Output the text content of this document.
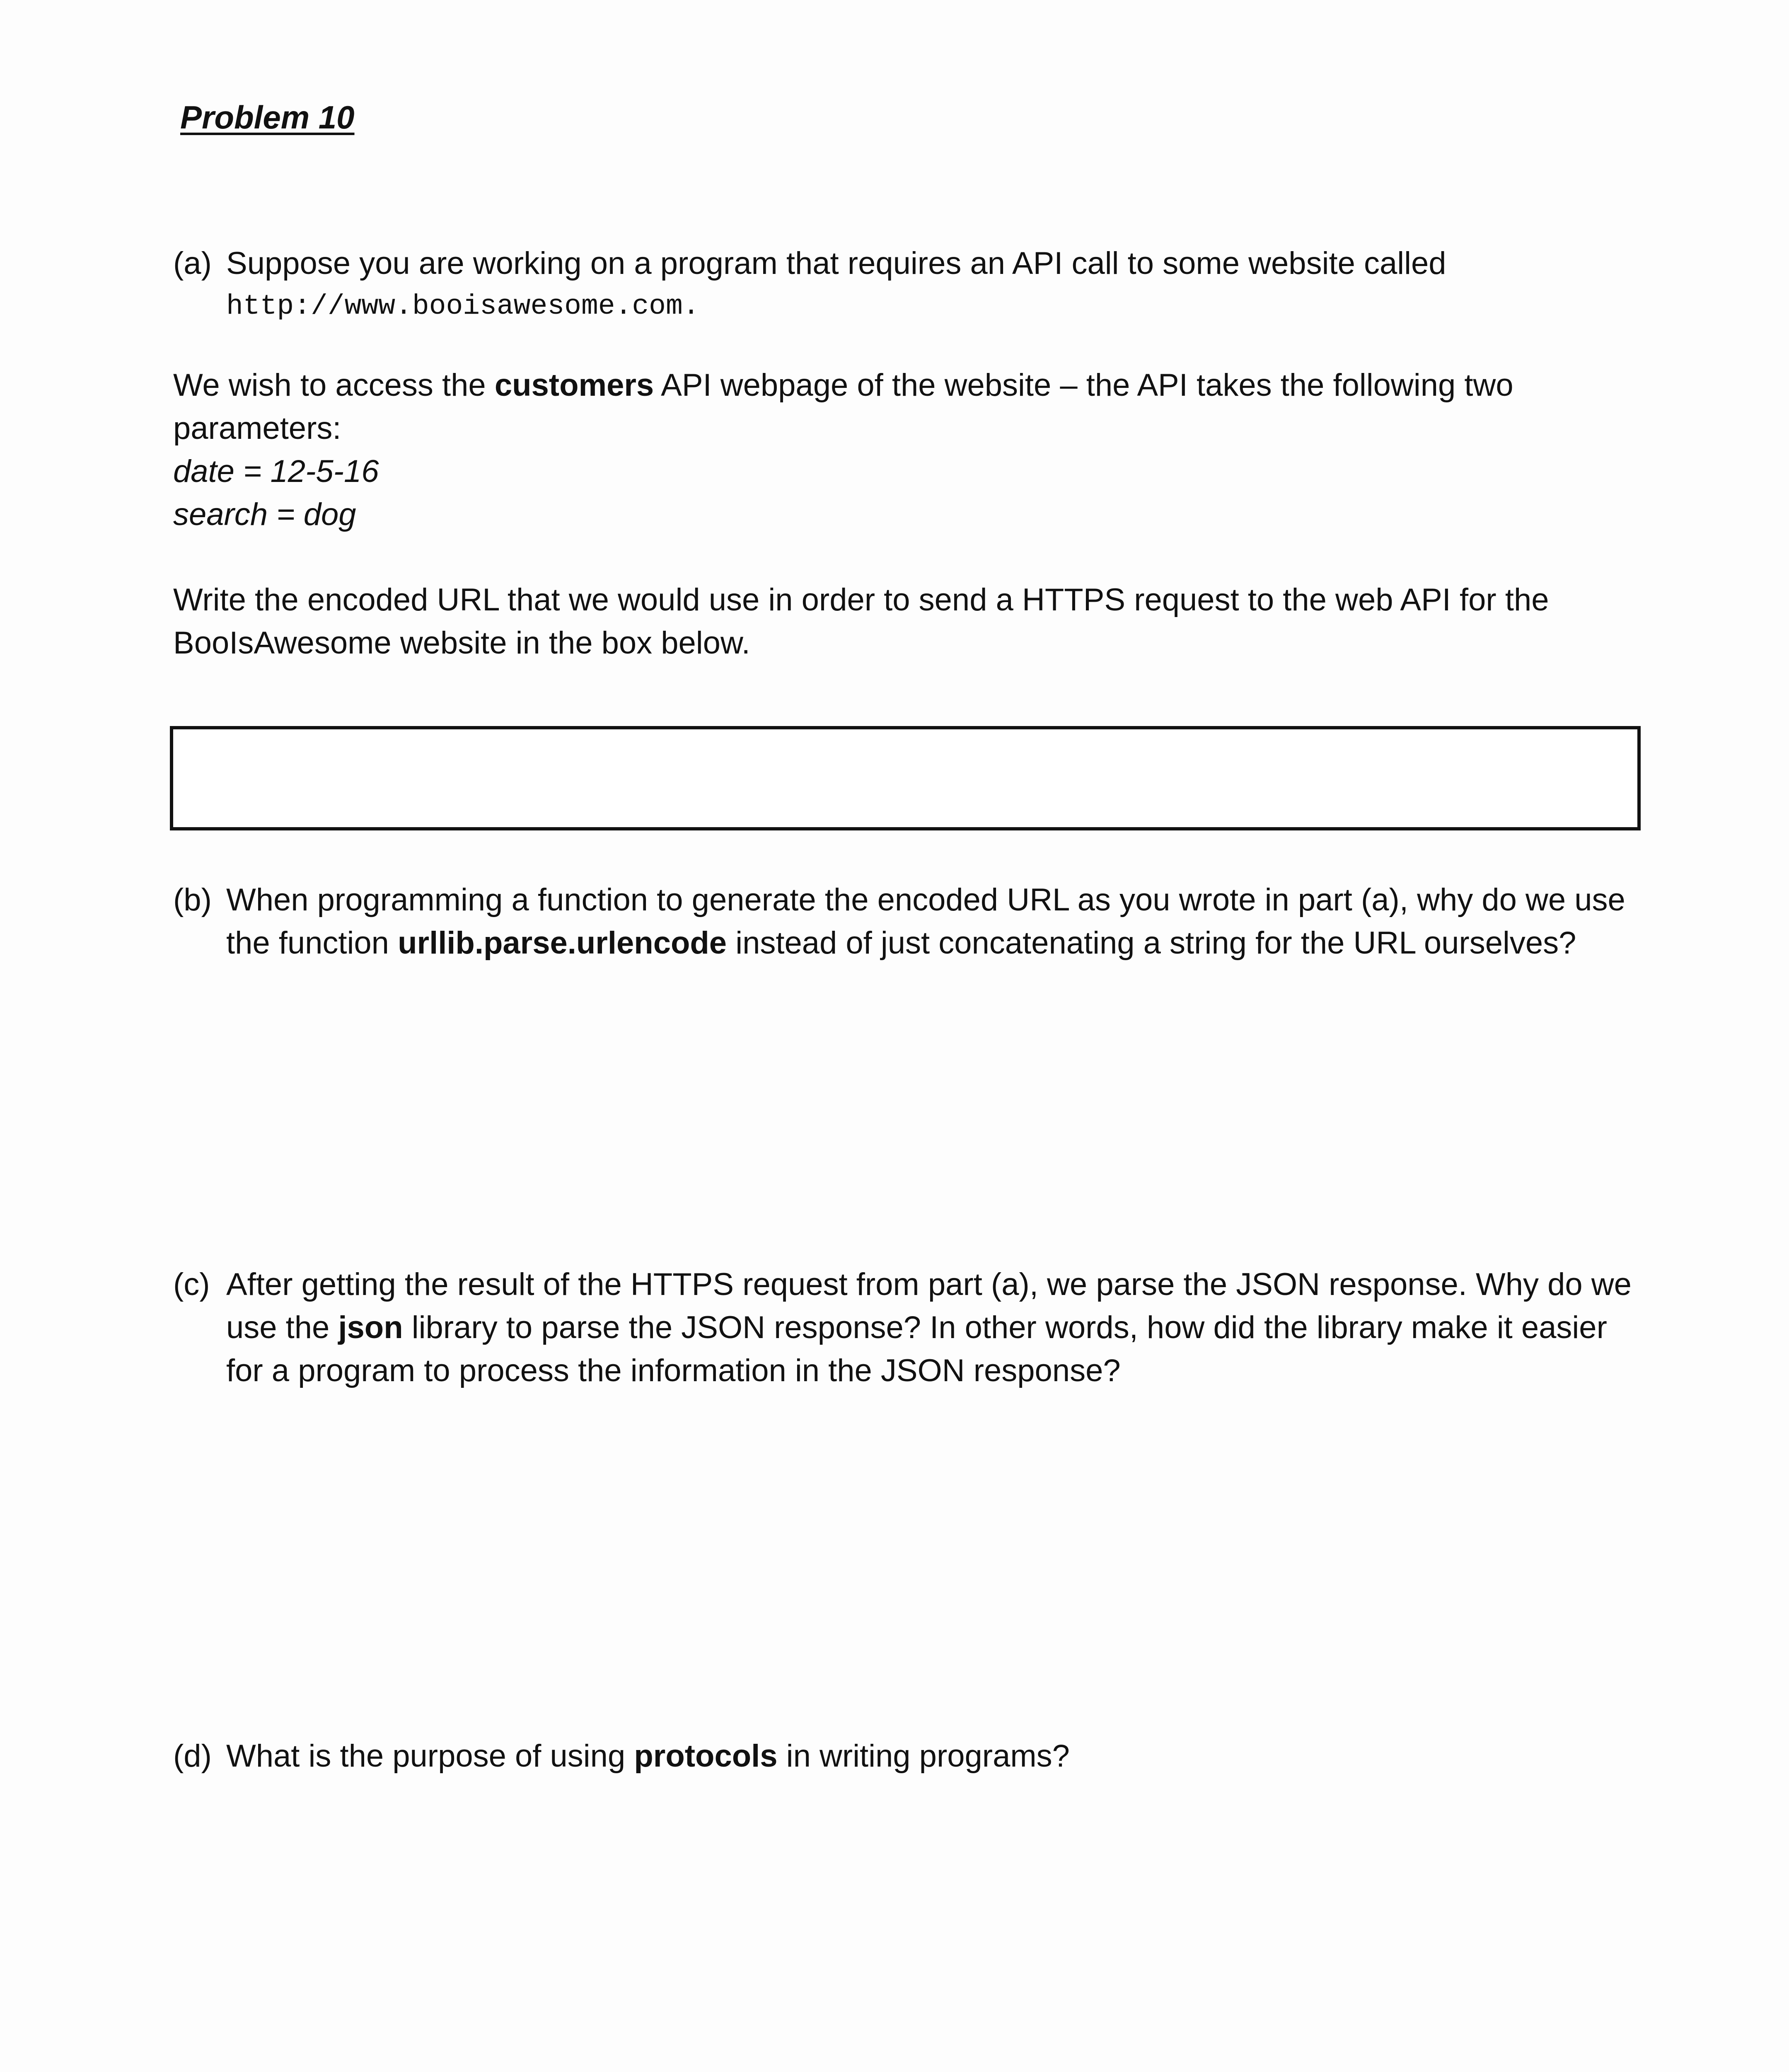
Problem 10
(a) Suppose you are working on a program that requires an API call to some website called
http://www.booisawesome.com.
We wish to access the customers API webpage of the website – the API takes the following two
parameters:
date = 12-5-16
search = dog
Write the encoded URL that we would use in order to send a HTTPS request to the web API for the
BooIsAwesome website in the box below.
(b) When programming a function to generate the encoded URL as you wrote in part (a), why do we use
the function urllib.parse.urlencode instead of just concatenating a string for the URL ourselves?
(c) After getting the result of the HTTPS request from part (a), we parse the JSON response. Why do we
use the json library to parse the JSON response? In other words, how did the library make it easier
for a program to process the information in the JSON response?
(d) What is the purpose of using protocols in writing programs?
